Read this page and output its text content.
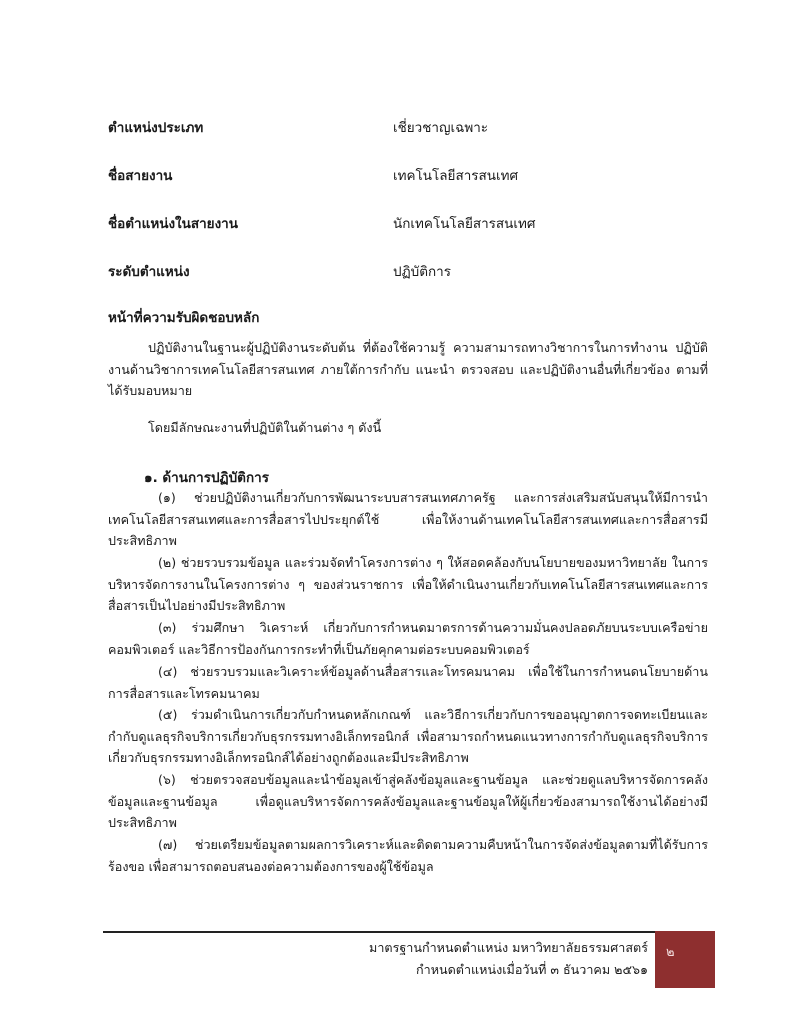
ตำแหน่งประเภท	เชี่ยวชาญเฉพาะ
ชื่อสายงาน	เทคโนโลยีสารสนเทศ
ชื่อตำแหน่งในสายงาน	นักเทคโนโลยีสารสนเทศ
ระดับตำแหน่ง	ปฏิบัติการ
หน้าที่ความรับผิดชอบหลัก
ปฏิบัติงานในฐานะผู้ปฏิบัติงานระดับต้น ที่ต้องใช้ความรู้ ความสามารถทางวิชาการในการทำงาน ปฏิบัติงานด้านวิชาการเทคโนโลยีสารสนเทศ ภายใต้การกำกับ แนะนำ ตรวจสอบ และปฏิบัติงานอื่นที่เกี่ยวข้อง ตามที่ได้รับมอบหมาย
โดยมีลักษณะงานที่ปฏิบัติในด้านต่าง ๆ ดังนี้
๑. ด้านการปฏิบัติการ
(๑) ช่วยปฏิบัติงานเกี่ยวกับการพัฒนาระบบสารสนเทศภาครัฐ และการส่งเสริมสนับสนุนให้มีการนำเทคโนโลยีสารสนเทศและการสื่อสารไปประยุกต์ใช้ เพื่อให้งานด้านเทคโนโลยีสารสนเทศและการสื่อสารมีประสิทธิภาพ
(๒) ช่วยรวบรวมข้อมูล และร่วมจัดทำโครงการต่าง ๆ ให้สอดคล้องกับนโยบายของมหาวิทยาลัย ในการบริหารจัดการงานในโครงการต่าง ๆ ของส่วนราชการ เพื่อให้ดำเนินงานเกี่ยวกับเทคโนโลยีสารสนเทศและการสื่อสารเป็นไปอย่างมีประสิทธิภาพ
(๓) ร่วมศึกษา วิเคราะห์ เกี่ยวกับการกำหนดมาตรการด้านความมั่นคงปลอดภัยบนระบบเครือข่ายคอมพิวเตอร์ และวิธีการป้องกันการกระทำที่เป็นภัยคุกคามต่อระบบคอมพิวเตอร์
(๔) ช่วยรวบรวมและวิเคราะห์ข้อมูลด้านสื่อสารและโทรคมนาคม เพื่อใช้ในการกำหนดนโยบายด้านการสื่อสารและโทรคมนาคม
(๕) ร่วมดำเนินการเกี่ยวกับกำหนดหลักเกณฑ์ และวิธีการเกี่ยวกับการขออนุญาตการจดทะเบียนและกำกับดูแลธุรกิจบริการเกี่ยวกับธุรกรรมทางอิเล็กทรอนิกส์ เพื่อสามารถกำหนดแนวทางการกำกับดูแลธุรกิจบริการเกี่ยวกับธุรกรรมทางอิเล็กทรอนิกส์ได้อย่างถูกต้องและมีประสิทธิภาพ
(๖) ช่วยตรวจสอบข้อมูลและนำข้อมูลเข้าสู่คลังข้อมูลและฐานข้อมูล และช่วยดูแลบริหารจัดการคลังข้อมูลและฐานข้อมูล เพื่อดูแลบริหารจัดการคลังข้อมูลและฐานข้อมูลให้ผู้เกี่ยวข้องสามารถใช้งานได้อย่างมีประสิทธิภาพ
(๗) ช่วยเตรียมข้อมูลตามผลการวิเคราะห์และติดตามความคืบหน้าในการจัดส่งข้อมูลตามที่ได้รับการร้องขอ เพื่อสามารถตอบสนองต่อความต้องการของผู้ใช้ข้อมูล
มาตรฐานกำหนดตำแหน่ง มหาวิทยาลัยธรรมศาสตร์
กำหนดตำแหน่งเมื่อวันที่ ๓ ธันวาคม ๒๕๖๑
๒
